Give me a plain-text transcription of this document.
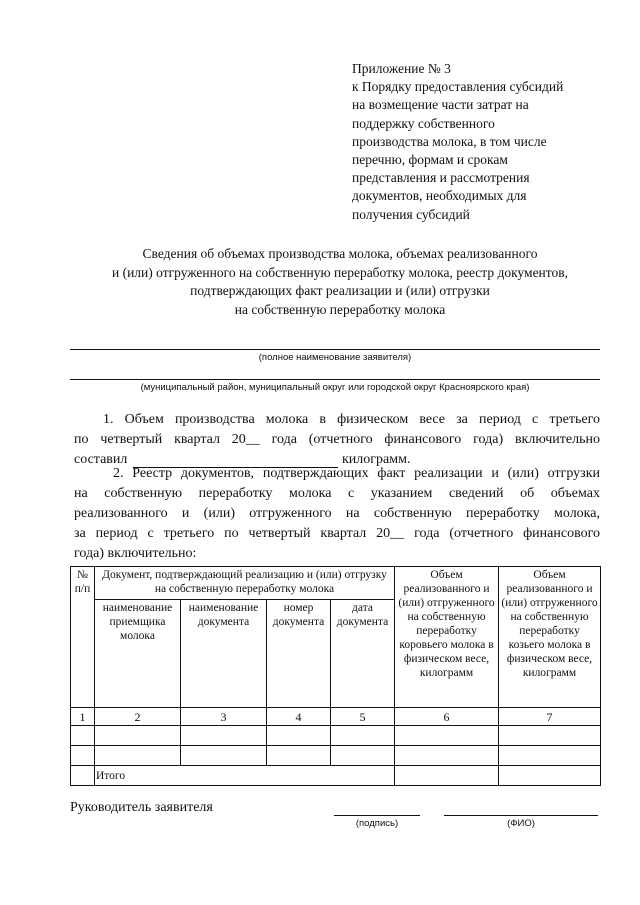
Приложение № 3
к Порядку предоставления субсидий
на возмещение части затрат на
поддержку собственного
производства молока, в том числе
перечню, формам и срокам
представления и рассмотрения
документов, необходимых для
получения субсидий
Сведения об объемах производства молока, объемах реализованного
и (или) отгруженного на собственную переработку молока, реестр документов,
подтверждающих факт реализации и (или) отгрузки
на собственную переработку молока
(полное наименование заявителя)
(муниципальный район, муниципальный округ или городской округ Красноярского края)
1. Объем производства молока в физическом весе за период с третьего
по четвертый квартал 20__ года (отчетного финансового года) включительно
составил	килограмм.
2. Реестр документов, подтверждающих факт реализации и (или) отгрузки
на собственную переработку молока с указанием сведений об объемах
реализованного и (или) отгруженного на собственную переработку молока,
за период с третьего по четвертый квартал 20__ года (отчетного финансового
года) включительно:
№ п/п	Документ, подтверждающий реализацию и (или) отгрузку на собственную переработку молока				Объем реализованного и (или) отгруженного на собственную переработку коровьего молока в физическом весе, килограмм	Объем реализованного и (или) отгруженного на собственную переработку козьего молока в физическом весе, килограмм
	наименование приемщика молока	наименование документа	номер документа	дата документа		
1	2	3	4	5	6	7

	Итого					
Руководитель заявителя
(подпись)	(ФИО)
